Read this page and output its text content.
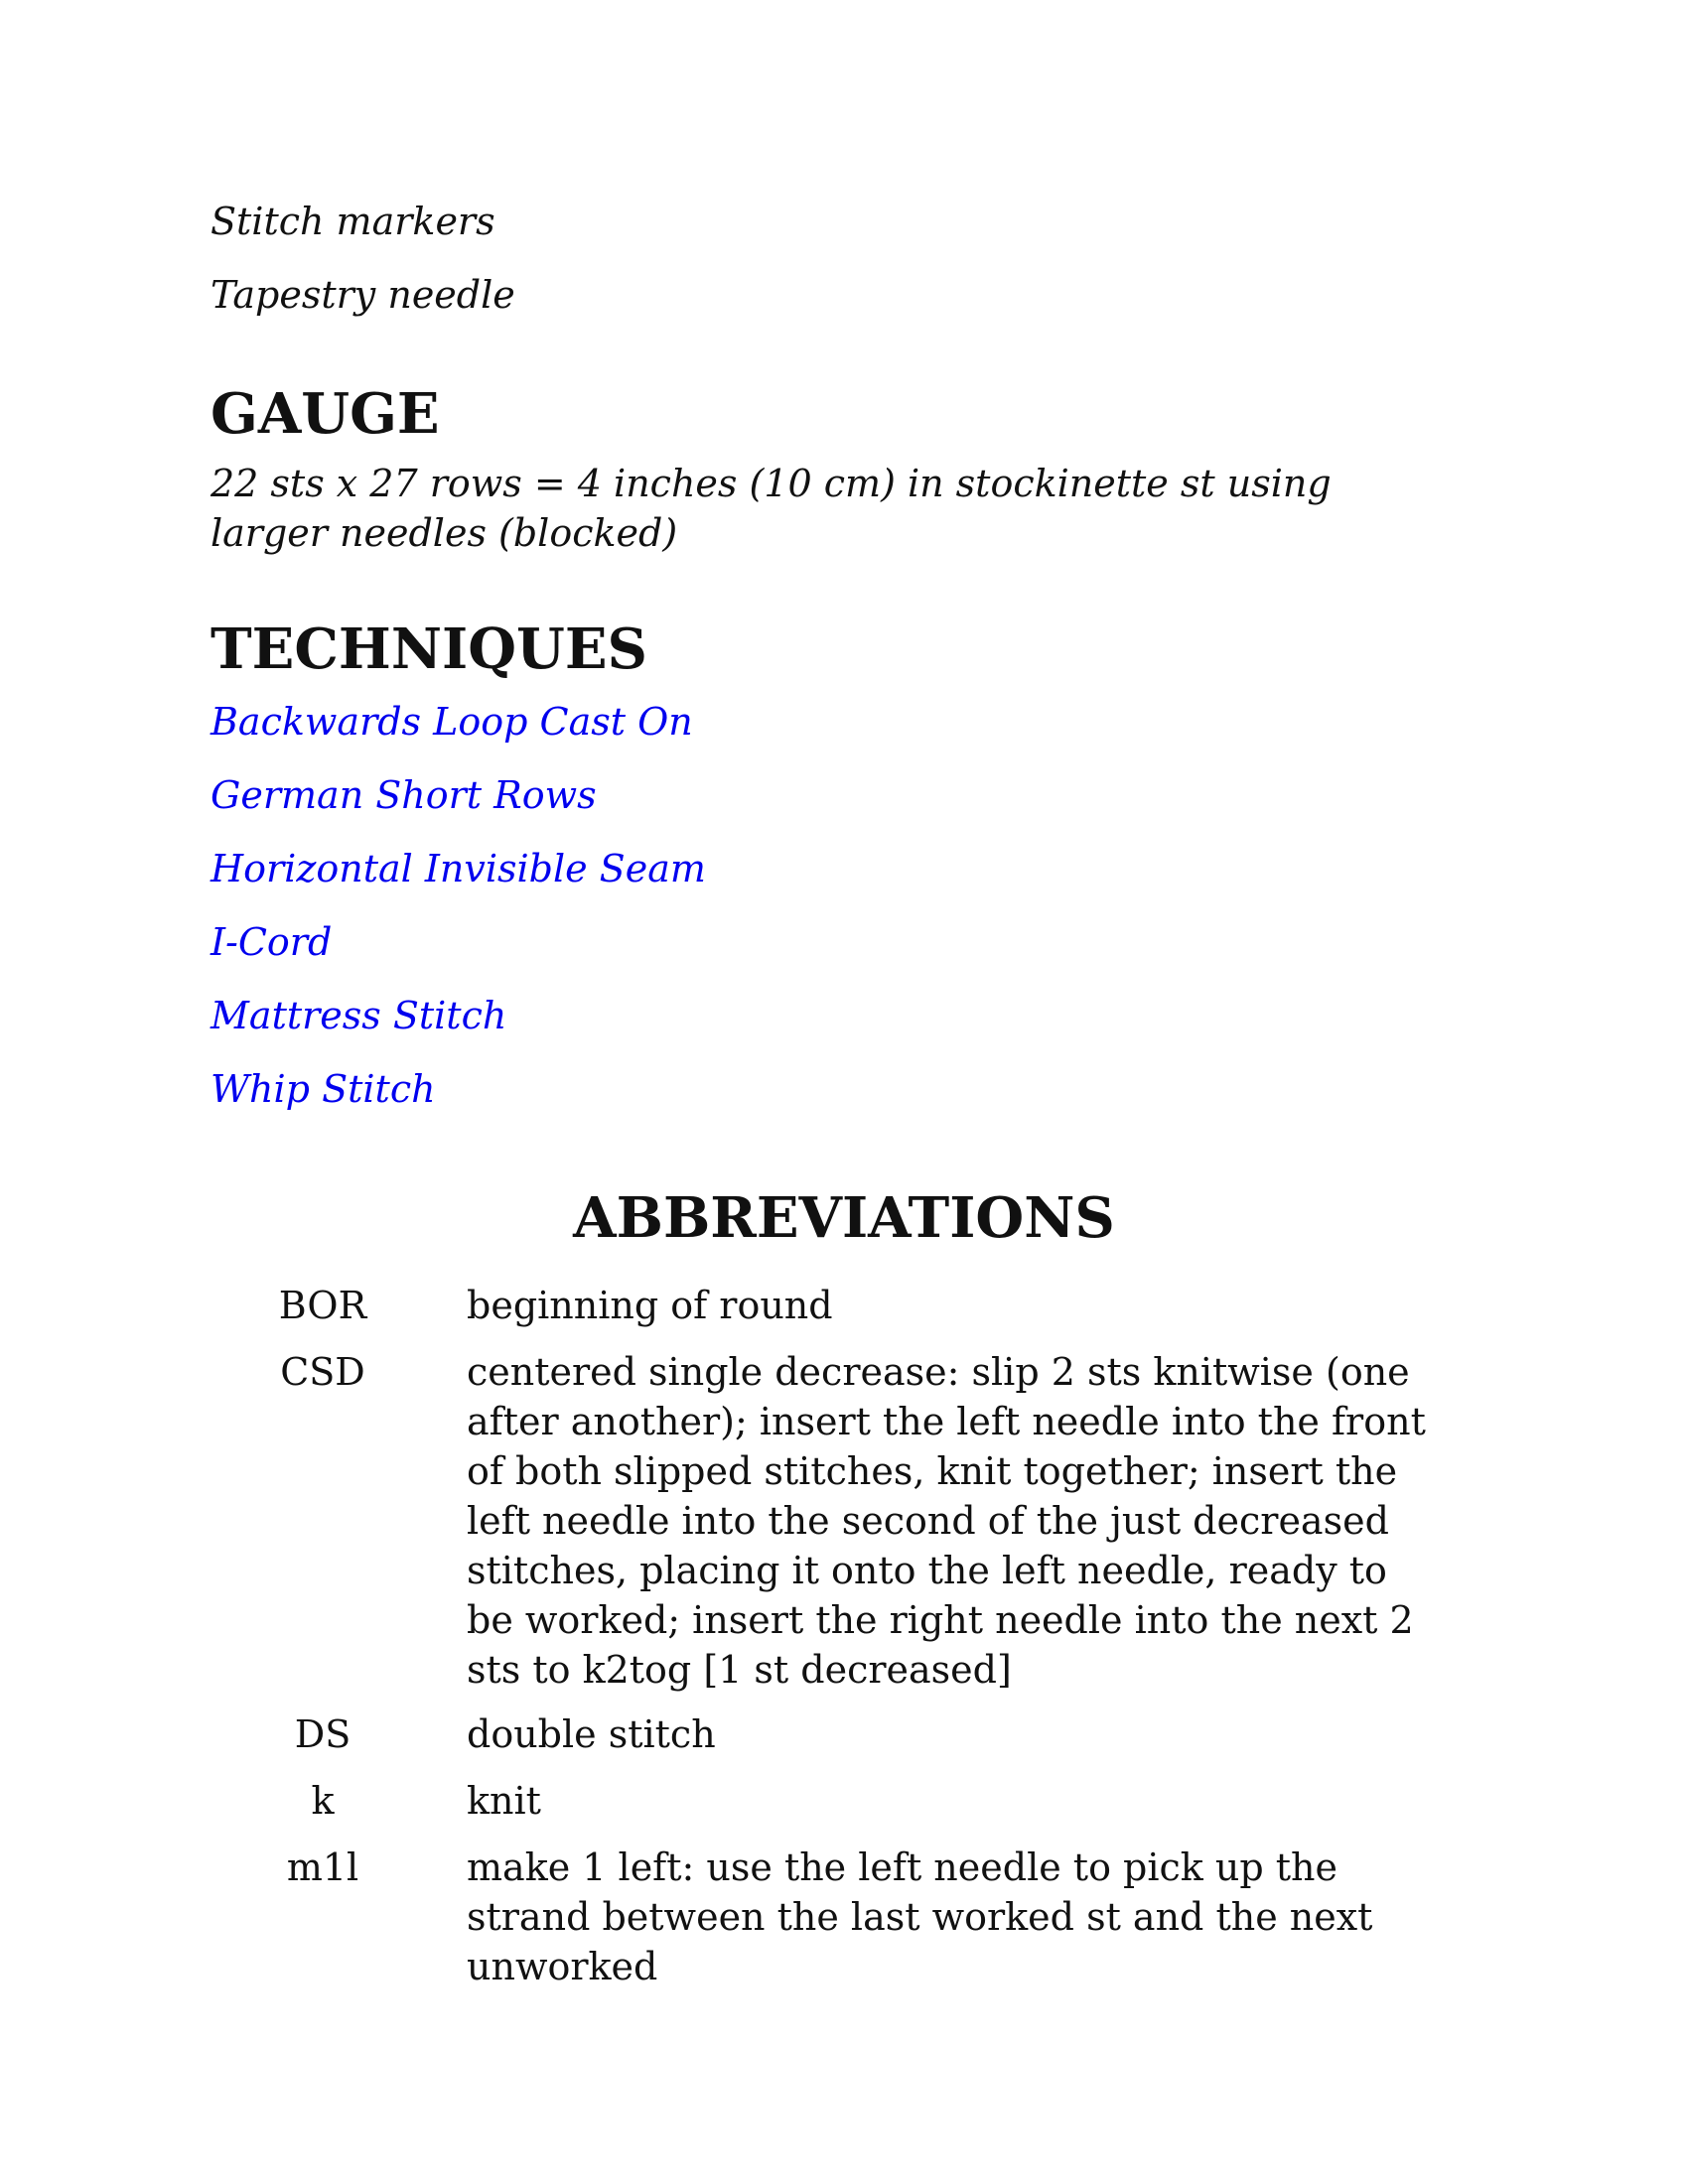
Stitch markers

Tapestry needle

GAUGE

22 sts x 27 rows = 4 inches (10 cm) in stockinette st using larger needles (blocked)

TECHNIQUES
Backwards Loop Cast On
German Short Rows
Horizontal Invisible Seam
I-Cord
Mattress Stitch
Whip Stitch
ABBREVIATIONS
BOR	beginning of round
CSD	centered single decrease: slip 2 sts knitwise (one after another); insert the left needle into the front of both slipped stitches, knit together; insert the left needle into the second of the just decreased stitches, placing it onto the left needle, ready to be worked; insert the right needle into the next 2 sts to k2tog [1 st decreased]
DS	double stitch
k	knit
m1l	make 1 left: use the left needle to pick up the strand between the last worked st and the next unworked
